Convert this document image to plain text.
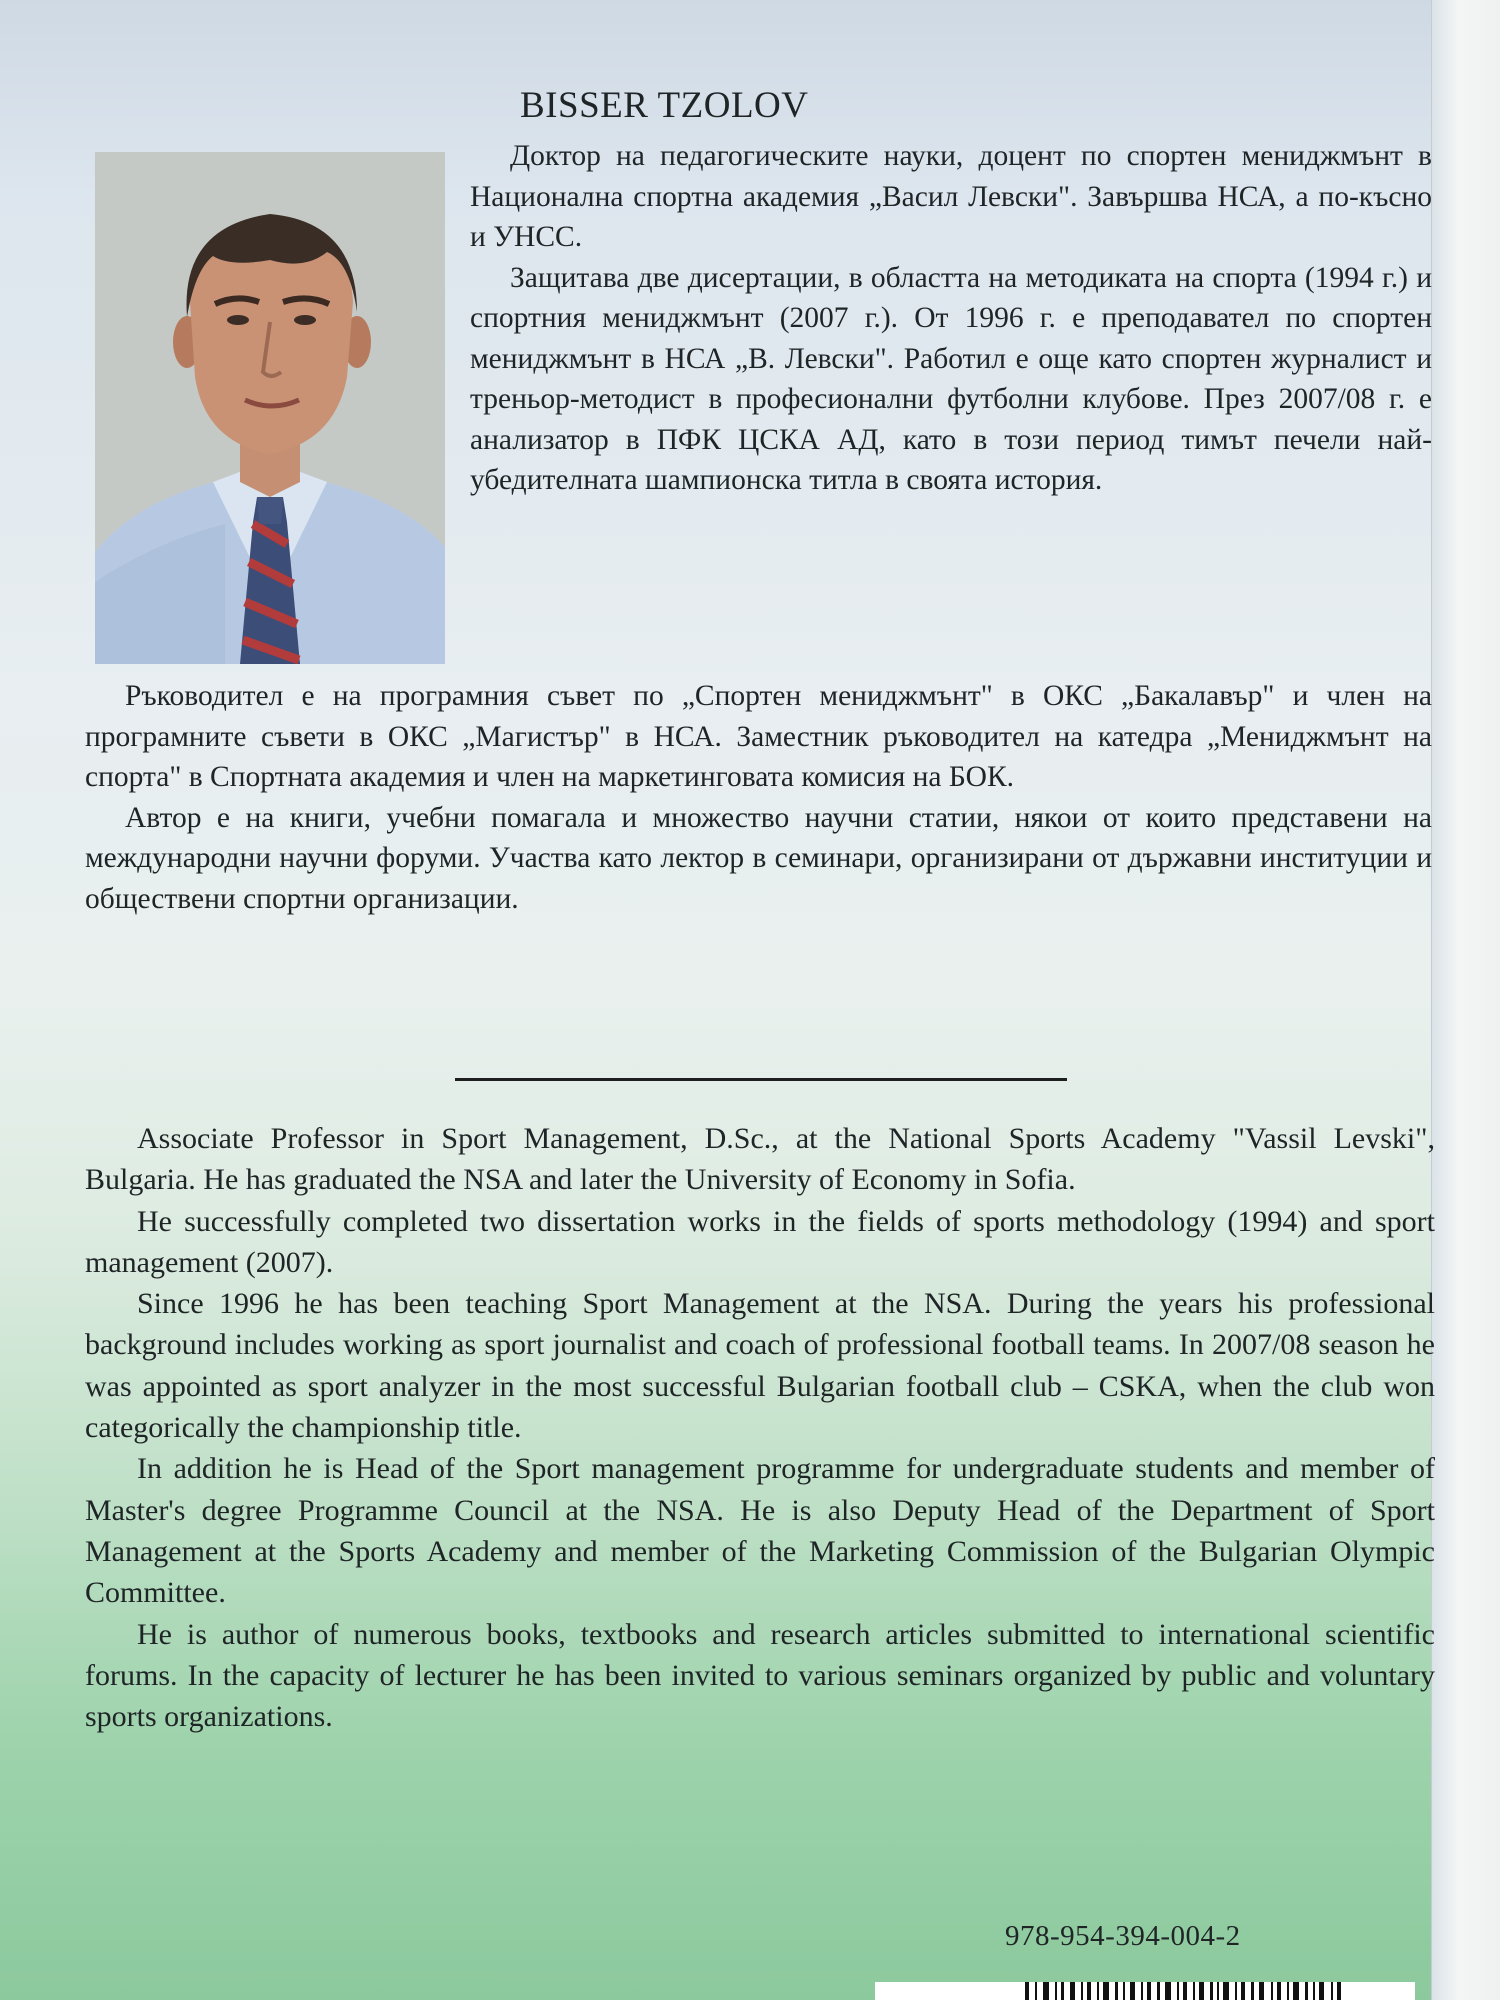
BISSER TZOLOV

Доктор на педагогическите науки, доцент по спортен мениджмънт в Национална спортна академия „Васил Левски". Завършва НСА, а по-късно и УНСС.

Защитава две дисертации, в областта на методиката на спорта (1994 г.) и спортния мениджмънт (2007 г.). От 1996 г. е преподавател по спортен мениджмънт в НСА „В. Левски". Работил е още като спортен журналист и треньор-методист в професионални футболни клубове. През 2007/08 г. е анализатор в ПФК ЦСКА АД, като в този период тимът печели най-убедителната шампионска титла в своята история.

Ръководител е на програмния съвет по „Спортен мениджмънт" в ОКС „Бакалавър" и член на програмните съвети в ОКС „Магистър" в НСА. Заместник ръководител на катедра „Мениджмънт на спорта" в Спортната академия и член на маркетинговата комисия на БОК.

Автор е на книги, учебни помагала и множество научни статии, някои от които представени на международни научни форуми. Участва като лектор в семинари, организирани от държавни институции и обществени спортни организации.

Associate Professor in Sport Management, D.Sc., at the National Sports Academy "Vassil Levski", Bulgaria. He has graduated the NSA and later the University of Economy in Sofia.

He successfully completed two dissertation works in the fields of sports methodology (1994) and sport management (2007).

Since 1996 he has been teaching Sport Management at the NSA. During the years his professional background includes working as sport journalist and coach of professional football teams. In 2007/08 season he was appointed as sport analyzer in the most successful Bulgarian football club – CSKA, when the club won categorically the championship title.

In addition he is Head of the Sport management programme for undergraduate students and member of Master's degree Programme Council at the NSA. He is also Deputy Head of the Department of Sport Management at the Sports Academy and member of the Marketing Commission of the Bulgarian Olympic Committee.

He is author of numerous books, textbooks and research articles submitted to international scientific forums. In the capacity of lecturer he has been invited to various seminars organized by public and voluntary sports organizations.

978-954-394-004-2
